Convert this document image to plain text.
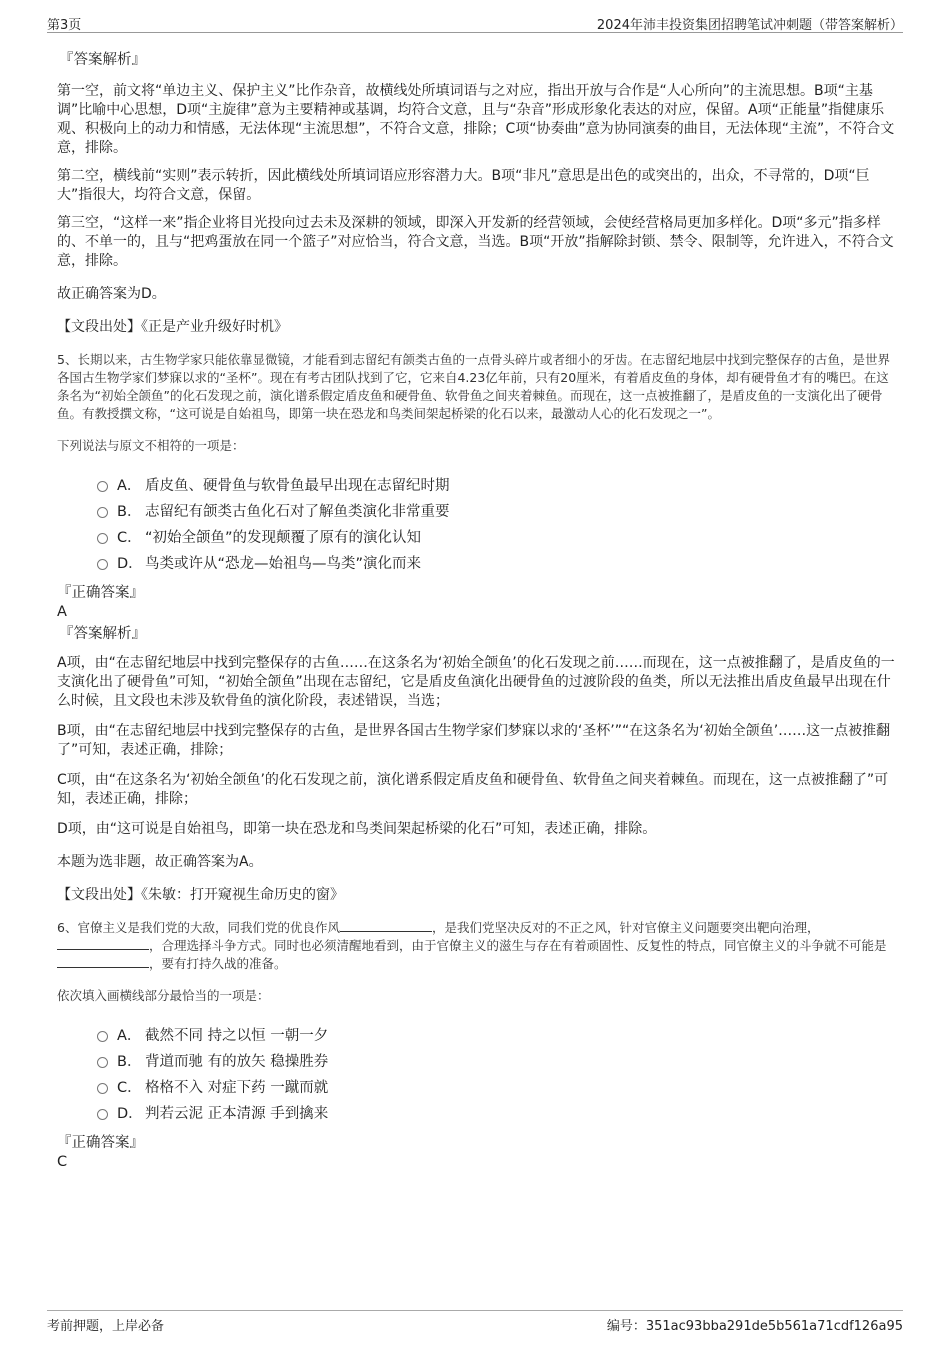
第3页	2024年沛丰投资集团招聘笔试冲刺题（带答案解析）
『答案解析』

第一空，前文将“单边主义、保护主义”比作杂音，故横线处所填词语与之对应，指出开放与合作是“人心所向”的主流思想。B项“主基调”比喻中心思想，D项“主旋律”意为主要精神或基调，均符合文意，且与“杂音”形成形象化表达的对应，保留。A项“正能量”指健康乐观、积极向上的动力和情感，无法体现“主流思想”，不符合文意，排除；C项“协奏曲”意为协同演奏的曲目，无法体现“主流”，不符合文意，排除。

第二空，横线前“实则”表示转折，因此横线处所填词语应形容潜力大。B项“非凡”意思是出色的或突出的，出众，不寻常的，D项“巨大”指很大，均符合文意，保留。

第三空，“这样一来”指企业将目光投向过去未及深耕的领域，即深入开发新的经营领域，会使经营格局更加多样化。D项“多元”指多样的、不单一的，且与“把鸡蛋放在同一个篮子”对应恰当，符合文意，当选。B项“开放”指解除封锁、禁令、限制等，允许进入，不符合文意，排除。

故正确答案为D。

【文段出处】《正是产业升级好时机》

5、长期以来，古生物学家只能依靠显微镜，才能看到志留纪有颌类古鱼的一点骨头碎片或者细小的牙齿。在志留纪地层中找到完整保存的古鱼，是世界各国古生物学家们梦寐以求的“圣杯”。现在有考古团队找到了它，它来自4.23亿年前，只有20厘米，有着盾皮鱼的身体，却有硬骨鱼才有的嘴巴。在这条名为“初始全颌鱼”的化石发现之前，演化谱系假定盾皮鱼和硬骨鱼、软骨鱼之间夹着棘鱼。而现在，这一点被推翻了，是盾皮鱼的一支演化出了硬骨鱼。有教授撰文称，“这可说是自始祖鸟，即第一块在恐龙和鸟类间架起桥梁的化石以来，最激动人心的化石发现之一”。

下列说法与原文不相符的一项是：

A． 盾皮鱼、硬骨鱼与软骨鱼最早出现在志留纪时期
B． 志留纪有颌类古鱼化石对了解鱼类演化非常重要
C． “初始全颌鱼”的发现颠覆了原有的演化认知
D． 鸟类或许从“恐龙—始祖鸟—鸟类”演化而来
『正确答案』
A
『答案解析』

A项，由“在志留纪地层中找到完整保存的古鱼……在这条名为‘初始全颌鱼’的化石发现之前……而现在，这一点被推翻了，是盾皮鱼的一支演化出了硬骨鱼”可知，“初始全颌鱼”出现在志留纪，它是盾皮鱼演化出硬骨鱼的过渡阶段的鱼类，所以无法推出盾皮鱼最早出现在什么时候，且文段也未涉及软骨鱼的演化阶段，表述错误，当选；

B项，由“在志留纪地层中找到完整保存的古鱼，是世界各国古生物学家们梦寐以求的‘圣杯’”“在这条名为‘初始全颌鱼’……这一点被推翻了”可知，表述正确，排除；

C项，由“在这条名为‘初始全颌鱼’的化石发现之前，演化谱系假定盾皮鱼和硬骨鱼、软骨鱼之间夹着棘鱼。而现在，这一点被推翻了”可知，表述正确，排除；

D项，由“这可说是自始祖鸟，即第一块在恐龙和鸟类间架起桥梁的化石”可知，表述正确，排除。

本题为选非题，故正确答案为A。

【文段出处】《朱敏：打开窥视生命历史的窗》

6、官僚主义是我们党的大敌，同我们党的优良作风	，是我们党坚决反对的不正之风，针对官僚主义问题要突出靶向治理，，合理选择斗争方式。同时也必须清醒地看到，由于官僚主义的滋生与存在有着顽固性、反复性的特点，同官僚主义的斗争就不可能是，要有打持久战的准备。

依次填入画横线部分最恰当的一项是：

A． 截然不同 持之以恒 一朝一夕
B． 背道而驰 有的放矢 稳操胜券
C． 格格不入 对症下药 一蹴而就
D． 判若云泥 正本清源 手到擒来
『正确答案』
C
考前押题，上岸必备	编号：351ac93bba291de5b561a71cdf126a95
